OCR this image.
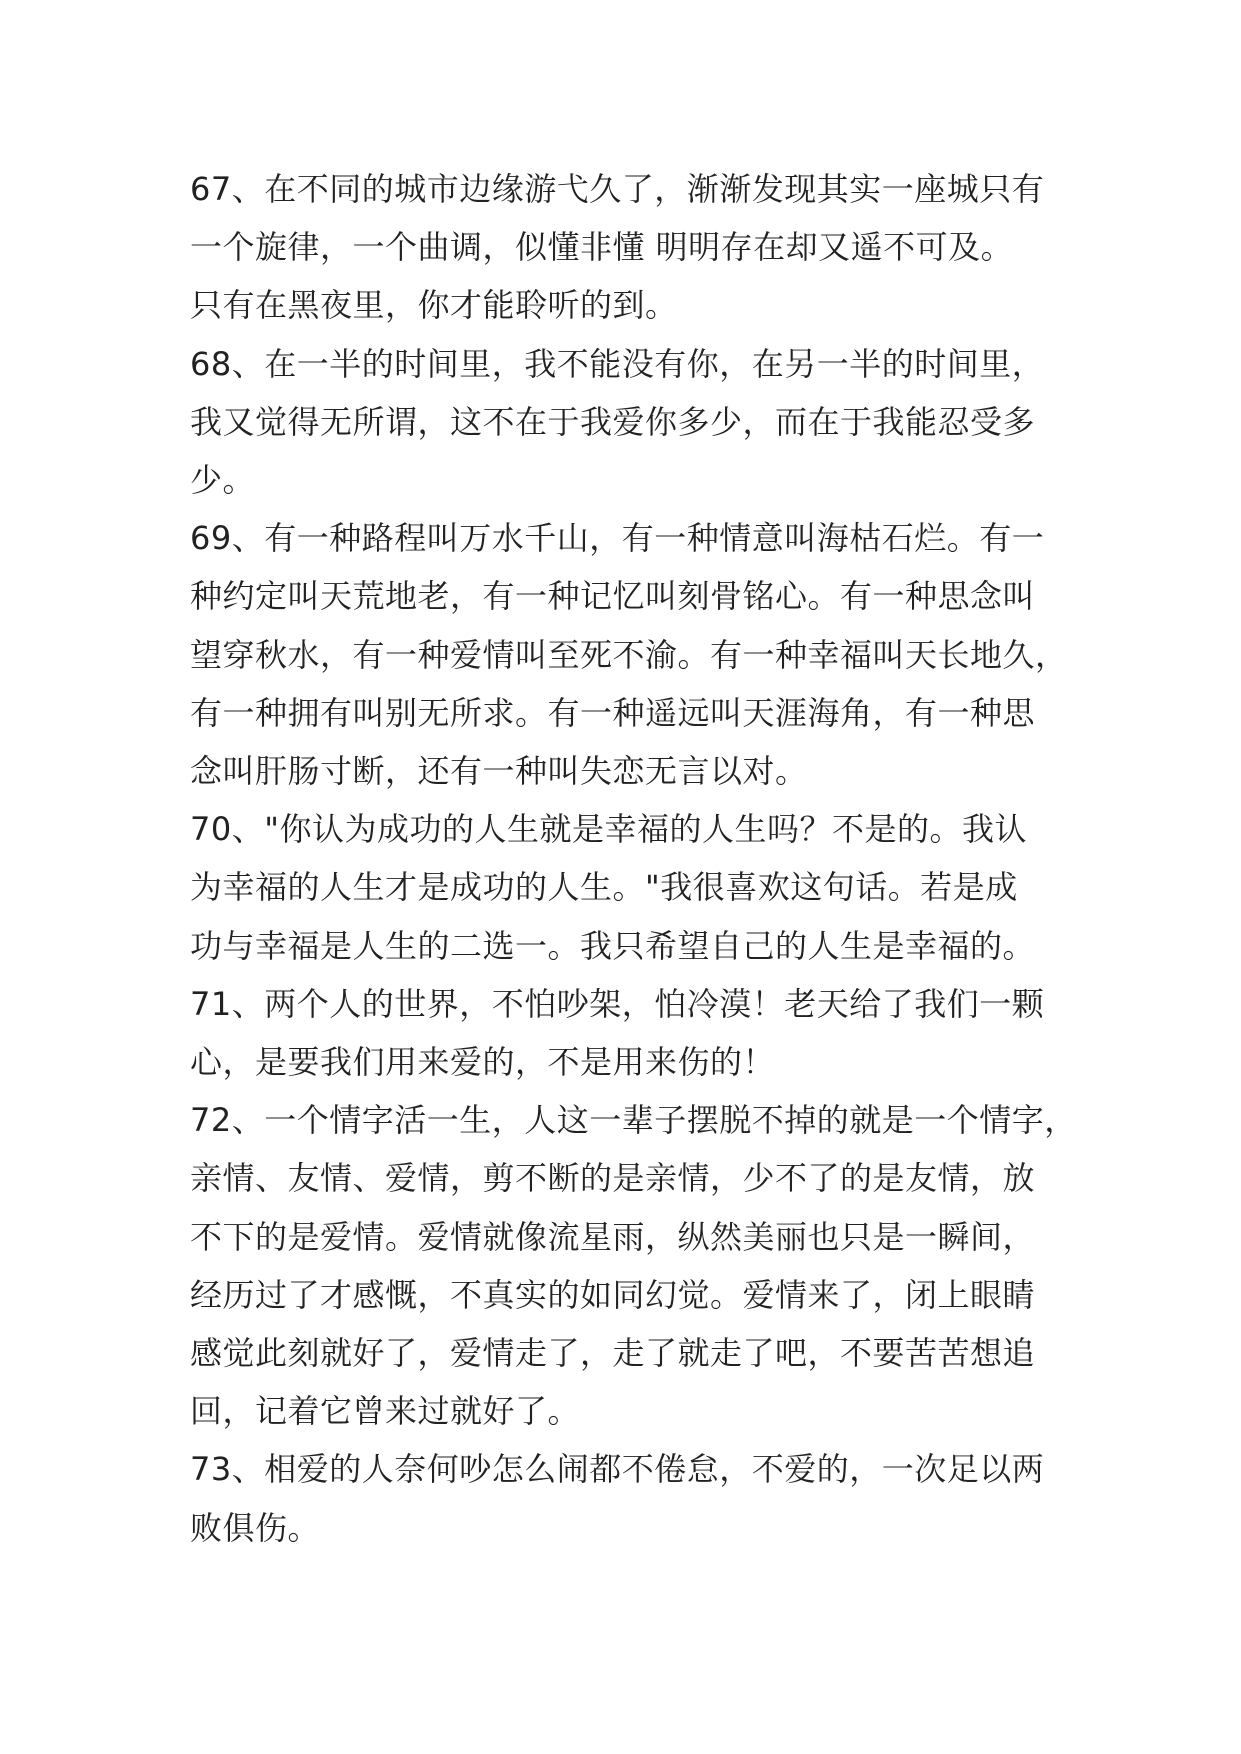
67、在不同的城市边缘游弋久了，渐渐发现其实一座城只有
一个旋律，一个曲调，似懂非懂 明明存在却又遥不可及。
只有在黑夜里，你才能聆听的到。

68、在一半的时间里，我不能没有你，在另一半的时间里，
我又觉得无所谓，这不在于我爱你多少，而在于我能忍受多
少。

69、有一种路程叫万水千山，有一种情意叫海枯石烂。有一
种约定叫天荒地老，有一种记忆叫刻骨铭心。有一种思念叫
望穿秋水，有一种爱情叫至死不渝。有一种幸福叫天长地久，
有一种拥有叫别无所求。有一种遥远叫天涯海角，有一种思
念叫肝肠寸断，还有一种叫失恋无言以对。

70、"你认为成功的人生就是幸福的人生吗？不是的。我认
为幸福的人生才是成功的人生。"我很喜欢这句话。若是成
功与幸福是人生的二选一。我只希望自己的人生是幸福的。

71、两个人的世界，不怕吵架，怕冷漠！老天给了我们一颗
心，是要我们用来爱的，不是用来伤的！

72、一个情字活一生，人这一辈子摆脱不掉的就是一个情字，
亲情、友情、爱情，剪不断的是亲情，少不了的是友情，放
不下的是爱情。爱情就像流星雨，纵然美丽也只是一瞬间，
经历过了才感慨，不真实的如同幻觉。爱情来了，闭上眼睛
感觉此刻就好了，爱情走了，走了就走了吧，不要苦苦想追
回，记着它曾来过就好了。

73、相爱的人奈何吵怎么闹都不倦怠，不爱的，一次足以两
败俱伤。
